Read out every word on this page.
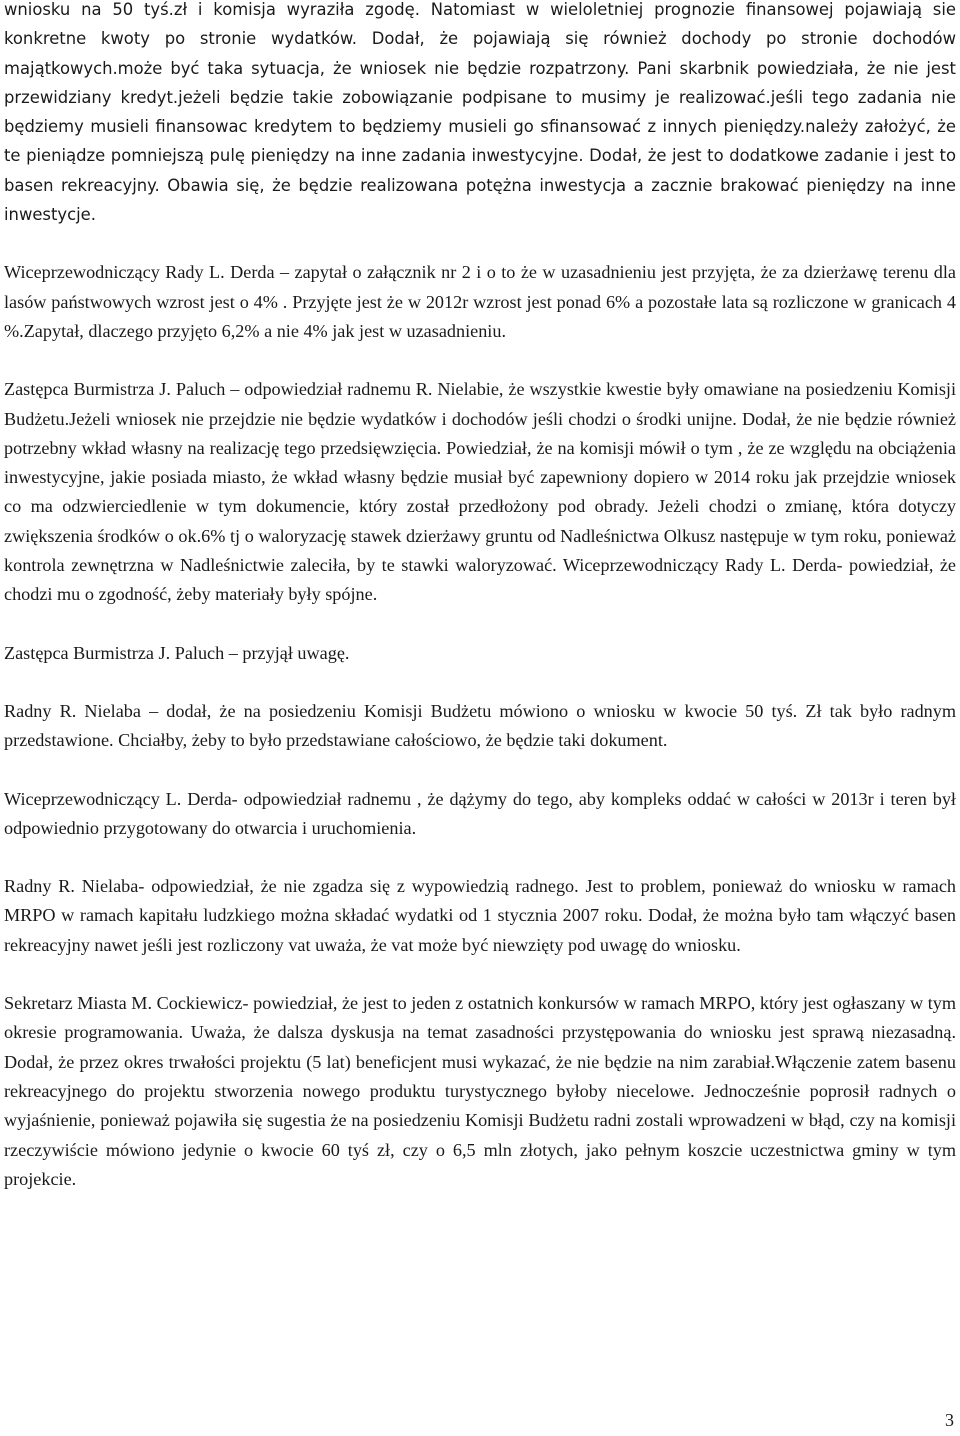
wniosku na 50 tyś.zł i komisja wyraziła zgodę. Natomiast w wieloletniej prognozie finansowej pojawiają sie konkretne kwoty po stronie wydatków. Dodał, że pojawiają się również dochody po stronie dochodów majątkowych.może być taka sytuacja, że wniosek nie będzie rozpatrzony. Pani skarbnik powiedziała, że nie jest przewidziany kredyt.jeżeli będzie takie zobowiązanie podpisane to musimy je realizować.jeśli tego zadania nie będziemy musieli finansowac kredytem to będziemy musieli go sfinansować z innych pieniędzy.należy założyć, że te pieniądze pomniejszą pulę pieniędzy na inne zadania inwestycyjne. Dodał, że jest to dodatkowe zadanie i jest to basen rekreacyjny. Obawia się, że będzie realizowana potężna inwestycja a zacznie brakować pieniędzy na inne inwestycje.

Wiceprzewodniczący Rady L. Derda – zapytał o załącznik nr 2 i o to że w uzasadnieniu jest przyjęta, że za dzierżawę terenu dla lasów państwowych wzrost jest o 4% . Przyjęte jest że w 2012r wzrost jest ponad 6% a pozostałe lata są rozliczone w granicach 4 %.Zapytał, dlaczego przyjęto 6,2% a nie 4% jak jest w uzasadnieniu.

Zastępca Burmistrza J. Paluch – odpowiedział radnemu R. Nielabie, że wszystkie kwestie były omawiane na posiedzeniu Komisji Budżetu.Jeżeli wniosek nie przejdzie nie będzie wydatków i dochodów jeśli chodzi o środki unijne. Dodał, że nie będzie również potrzebny wkład własny na realizację tego przedsięwzięcia. Powiedział, że na komisji mówił o tym , że ze względu na obciążenia inwestycyjne, jakie posiada miasto, że wkład własny będzie musiał być zapewniony dopiero w 2014 roku jak przejdzie wniosek co ma odzwierciedlenie w tym dokumencie, który został przedłożony pod obrady. Jeżeli chodzi o zmianę, która dotyczy zwiększenia środków o ok.6% tj o waloryzację stawek dzierżawy gruntu od Nadleśnictwa Olkusz następuje w tym roku, ponieważ kontrola zewnętrzna w Nadleśnictwie zaleciła, by te stawki waloryzować. Wiceprzewodniczący Rady L. Derda- powiedział, że chodzi mu o zgodność, żeby materiały były spójne.

Zastępca Burmistrza J. Paluch – przyjął uwagę.

Radny R. Nielaba – dodał, że na posiedzeniu Komisji Budżetu mówiono o wniosku w kwocie 50 tyś. Zł tak było radnym przedstawione. Chciałby, żeby to było przedstawiane całościowo, że będzie taki dokument.

Wiceprzewodniczący L. Derda- odpowiedział radnemu , że dążymy do tego, aby kompleks oddać w całości w 2013r i teren był odpowiednio przygotowany do otwarcia i uruchomienia.

Radny R. Nielaba- odpowiedział, że nie zgadza się z wypowiedzią radnego. Jest to problem, ponieważ do wniosku w ramach MRPO w ramach kapitału ludzkiego można składać wydatki od 1 stycznia 2007 roku. Dodał, że można było tam włączyć basen rekreacyjny nawet jeśli jest rozliczony vat uważa, że vat może być niewzięty pod uwagę do wniosku.

Sekretarz Miasta M. Cockiewicz- powiedział, że jest to jeden z ostatnich konkursów w ramach MRPO, który jest ogłaszany w tym okresie programowania. Uważa, że dalsza dyskusja na temat zasadności przystępowania do wniosku jest sprawą niezasadną. Dodał, że przez okres trwałości projektu (5 lat) beneficjent musi wykazać, że nie będzie na nim zarabiał.Włączenie zatem basenu rekreacyjnego do projektu stworzenia nowego produktu turystycznego byłoby niecelowe. Jednocześnie poprosił radnych o wyjaśnienie, ponieważ pojawiła się sugestia że na posiedzeniu Komisji Budżetu radni zostali wprowadzeni w błąd, czy na komisji rzeczywiście mówiono jedynie o kwocie 60 tyś zł, czy o 6,5 mln złotych, jako pełnym koszcie uczestnictwa gminy w tym projekcie.

3
